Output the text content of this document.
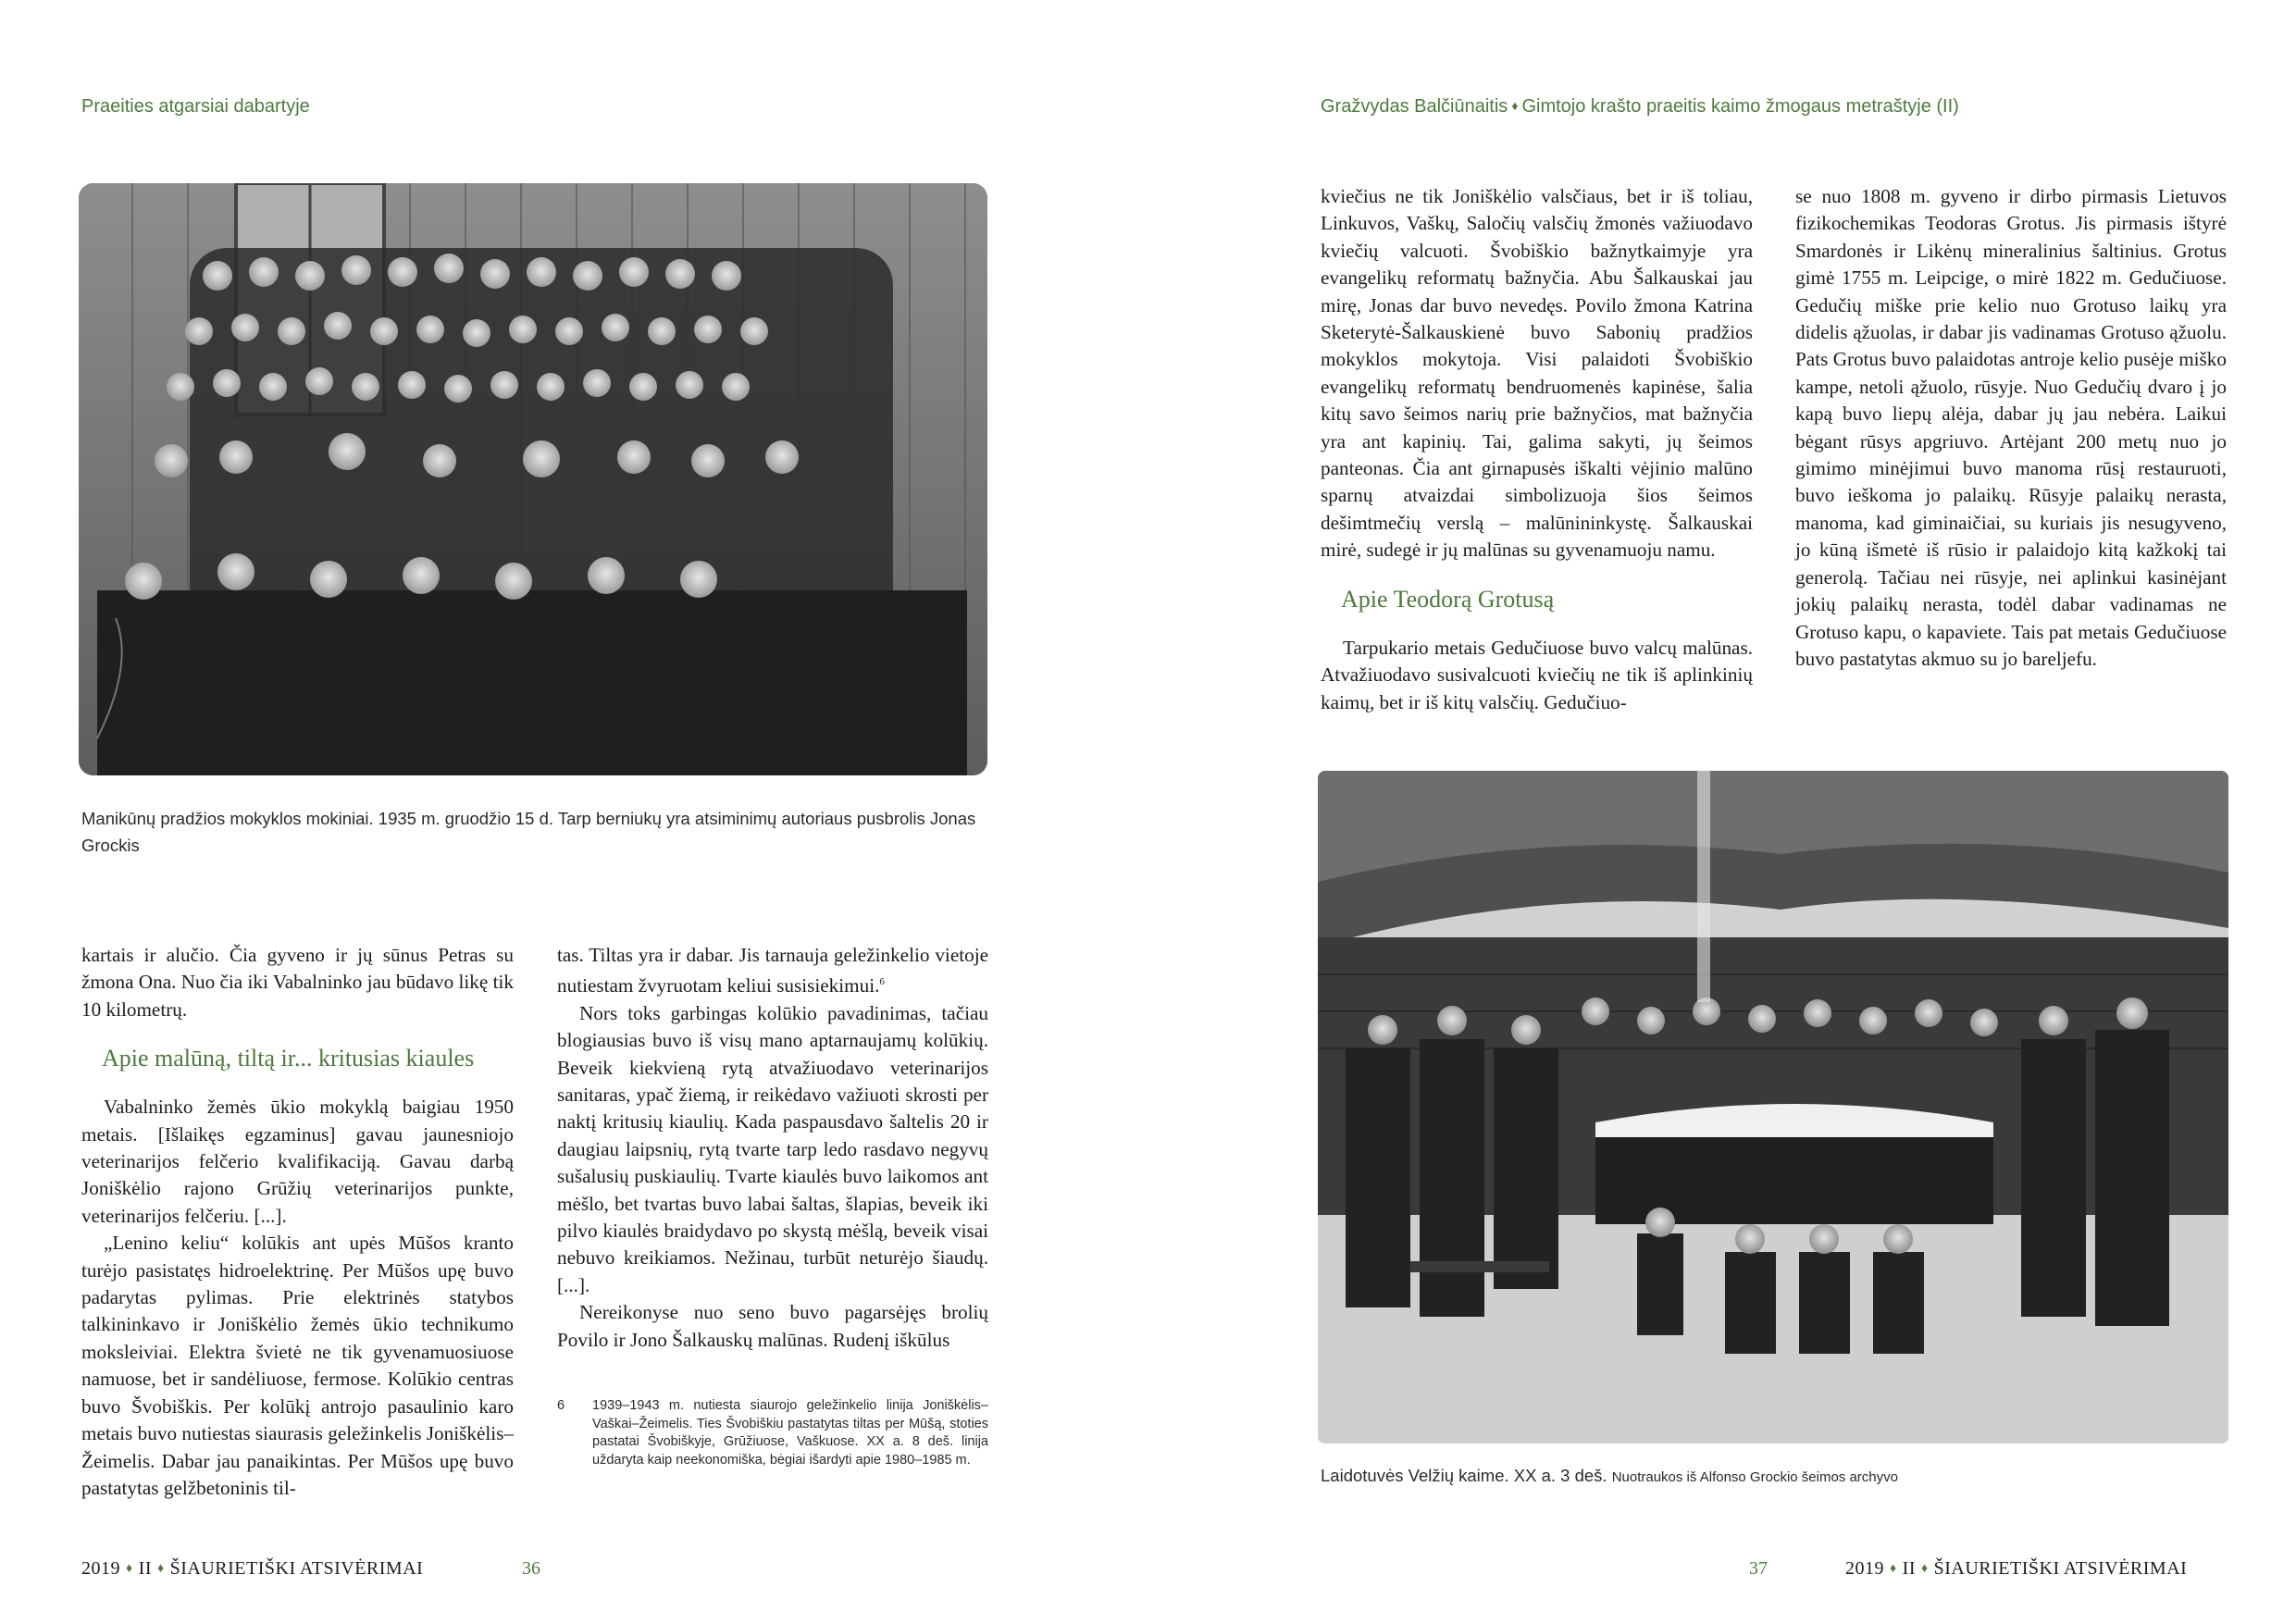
Praeities atgarsiai dabartyje	Gražvydas Balčiūnaitis ♦ Gimtojo krašto praeitis kaimo žmogaus metraštyje (II)
Manikūnų pradžios mokyklos mokiniai. 1935 m. gruodžio 15 d. Tarp berniukų yra atsiminimų autoriaus pusbrolis Jonas Grockis

kartais ir alučio. Čia gyveno ir jų sūnus Petras su žmona Ona. Nuo čia iki Vabalninko jau būdavo likę tik 10 kilometrų.

Apie malūną, tiltą ir... kritusias kiaules

Vabalninko žemės ūkio mokyklą baigiau 1950 metais. [Išlaikęs egzaminus] gavau jaunesniojo veterinarijos felčerio kvalifikaciją. Gavau darbą Joniškėlio rajono Grūžių veterinarijos punkte, veterinarijos felčeriu. [...].

„Lenino keliu“ kolūkis ant upės Mūšos kranto turėjo pasistatęs hidroelektrinę. Per Mūšos upę buvo padarytas pylimas. Prie elektrinės statybos talkininkavo ir Joniškėlio žemės ūkio technikumo moksleiviai. Elektra švietė ne tik gyvenamuosiuose namuose, bet ir sandėliuose, fermose. Kolūkio centras buvo Švobiškis. Per kolūkį antrojo pasaulinio karo metais buvo nutiestas siaurasis geležinkelis Joniškėlis–Žeimelis. Dabar jau panaikintas. Per Mūšos upę buvo pastatytas gelžbetoninis til-

tas. Tiltas yra ir dabar. Jis tarnauja geležinkelio vietoje nutiestam žvyruotam keliui susisiekimui.$^6$

Nors toks garbingas kolūkio pavadinimas, tačiau blogiausias buvo iš visų mano aptarnaujamų kolūkių. Beveik kiekvieną rytą atvažiuodavo veterinarijos sanitaras, ypač žiemą, ir reikėdavo važiuoti skrosti per naktį kritusių kiaulių. Kada paspausdavo šaltelis 20 ir daugiau laipsnių, rytą tvarte tarp ledo rasdavo negyvų sušalusių puskiaulių. Tvarte kiaulės buvo laikomos ant mėšlo, bet tvartas buvo labai šaltas, šlapias, beveik iki pilvo kiaulės braidydavo po skystą mėšlą, beveik visai nebuvo kreikiamos. Nežinau, turbūt neturėjo šiaudų. [...].

Nereikonyse nuo seno buvo pagarsėjęs brolių Povilo ir Jono Šalkauskų malūnas. Rudenį iškūlus

6 1939–1943 m. nutiesta siaurojo geležinkelio linija Joniškėlis–Vaškai–Žeimelis. Ties Švobiškiu pastatytas tiltas per Mūšą, stoties pastatai Švobiškyje, Grūžiuose, Vaškuose. XX a. 8 deš. linija uždaryta kaip neekonomiška, bėgiai išardyti apie 1980–1985 m.

kviečius ne tik Joniškėlio valsčiaus, bet ir iš toliau, Linkuvos, Vaškų, Saločių valsčių žmonės važiuodavo kviečių valcuoti. Švobiškio bažnytkaimyje yra evangelikų reformatų bažnyčia. Abu Šalkauskai jau mirę, Jonas dar buvo nevedęs. Povilo žmona Katrina Sketerytė-Šalkauskienė buvo Sabonių pradžios mokyklos mokytoja. Visi palaidoti Švobiškio evangelikų reformatų bendruomenės kapinėse, šalia kitų savo šeimos narių prie bažnyčios, mat bažnyčia yra ant kapinių. Tai, galima sakyti, jų šeimos panteonas. Čia ant girnapusės iškalti vėjinio malūno sparnų atvaizdai simbolizuoja šios šeimos dešimtmečių verslą – malūnininkystę. Šalkauskai mirė, sudegė ir jų malūnas su gyvenamuoju namu.

Apie Teodorą Grotusą

Tarpukario metais Gedučiuose buvo valcų malūnas. Atvažiuodavo susivalcuoti kviečių ne tik iš aplinkinių kaimų, bet ir iš kitų valsčių. Gedučiuo-

se nuo 1808 m. gyveno ir dirbo pirmasis Lietuvos fizikochemikas Teodoras Grotus. Jis pirmasis ištyrė Smardonės ir Likėnų mineralinius šaltinius. Grotus gimė 1755 m. Leipcige, o mirė 1822 m. Gedučiuose. Gedučių miške prie kelio nuo Grotuso laikų yra didelis ąžuolas, ir dabar jis vadinamas Grotuso ąžuolu. Pats Grotus buvo palaidotas antroje kelio pusėje miško kampe, netoli ąžuolo, rūsyje. Nuo Gedučių dvaro į jo kapą buvo liepų alėja, dabar jų jau nebėra. Laikui bėgant rūsys apgriuvo. Artėjant 200 metų nuo jo gimimo minėjimui buvo manoma rūsį restauruoti, buvo ieškoma jo palaikų. Rūsyje palaikų nerasta, manoma, kad giminaičiai, su kuriais jis nesugyveno, jo kūną išmetė iš rūsio ir palaidojo kitą kažkokį tai generolą. Tačiau nei rūsyje, nei aplinkui kasinėjant jokių palaikų nerasta, todėl dabar vadinamas ne Grotuso kapu, o kapaviete. Tais pat metais Gedučiuose buvo pastatytas akmuo su jo bareljefu.

Laidotuvės Velžių kaime. XX a. 3 deš. Nuotraukos iš Alfonso Grockio šeimos archyvo
2019 ♦ II ♦ ŠIAURIETIŠKI ATSIVĖRIMAI	36	37	2019 ♦ II ♦ ŠIAURIETIŠKI ATSIVĖRIMAI
